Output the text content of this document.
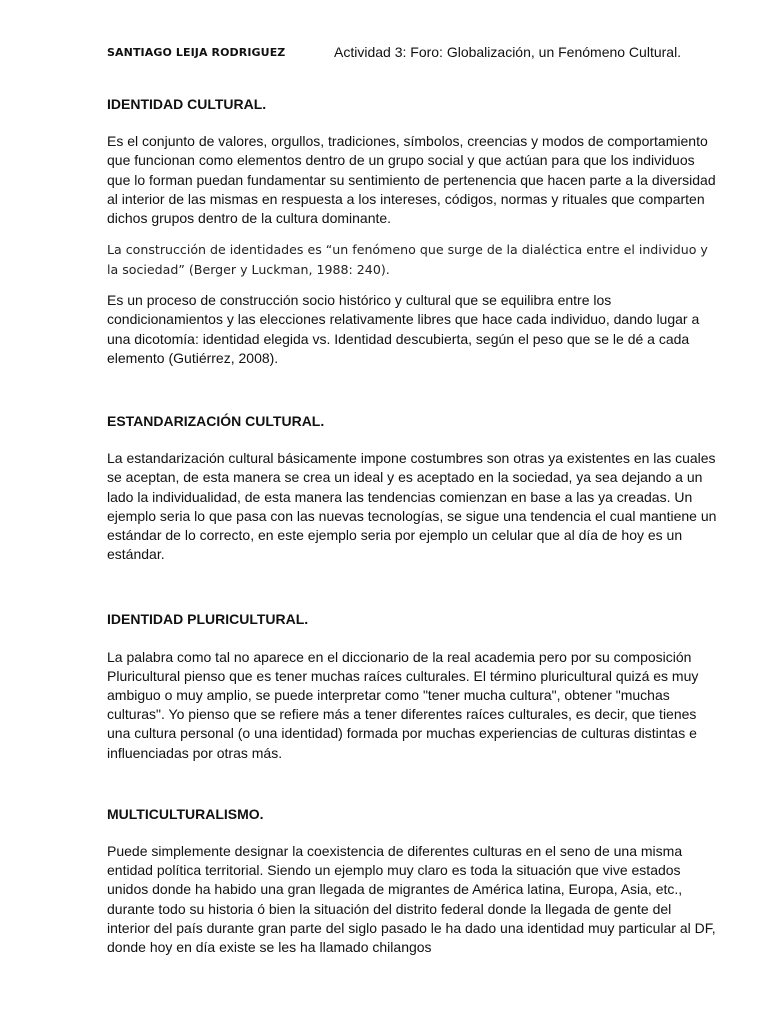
SANTIAGO LEIJA RODRIGUEZ	Actividad 3: Foro: Globalización, un Fenómeno Cultural.
IDENTIDAD CULTURAL.

Es el conjunto de valores, orgullos, tradiciones, símbolos, creencias y modos de comportamiento que funcionan como elementos dentro de un grupo social y que actúan para que los individuos que lo forman puedan fundamentar su sentimiento de pertenencia que hacen parte a la diversidad al interior de las mismas en respuesta a los intereses, códigos, normas y rituales que comparten dichos grupos dentro de la cultura dominante.

La construcción de identidades es “un fenómeno que surge de la dialéctica entre el individuo y la sociedad” (Berger y Luckman, 1988: 240).

Es un proceso de construcción socio histórico y cultural que se equilibra entre los condicionamientos y las elecciones relativamente libres que hace cada individuo, dando lugar a una dicotomía: identidad elegida vs. Identidad descubierta, según el peso que se le dé a cada elemento (Gutiérrez, 2008).

ESTANDARIZACIÓN CULTURAL.

La estandarización cultural básicamente impone costumbres son otras ya existentes en las cuales se aceptan, de esta manera se crea un ideal y es aceptado en la sociedad, ya sea dejando a un lado la individualidad, de esta manera las tendencias comienzan en base a las ya creadas. Un ejemplo seria lo que pasa con las nuevas tecnologías, se sigue una tendencia el cual mantiene un estándar de lo correcto, en este ejemplo seria por ejemplo un celular que al día de hoy es un estándar.

IDENTIDAD PLURICULTURAL.

La palabra como tal no aparece en el diccionario de la real academia pero por su composición Pluricultural pienso que es tener muchas raíces culturales. El término pluricultural quizá es muy ambiguo o muy amplio, se puede interpretar como "tener mucha cultura", obtener "muchas culturas". Yo pienso que se refiere más a tener diferentes raíces culturales, es decir, que tienes una cultura personal (o una identidad) formada por muchas experiencias de culturas distintas e influenciadas por otras más.

MULTICULTURALISMO.

Puede simplemente designar la coexistencia de diferentes culturas en el seno de una misma entidad política territorial. Siendo un ejemplo muy claro es toda la situación que vive estados unidos donde ha habido una gran llegada de migrantes de América latina, Europa, Asia, etc., durante todo su historia ó bien la situación del distrito federal donde la llegada de gente del interior del país durante gran parte del siglo pasado le ha dado una identidad muy particular al DF, donde hoy en día existe se les ha llamado chilangos
